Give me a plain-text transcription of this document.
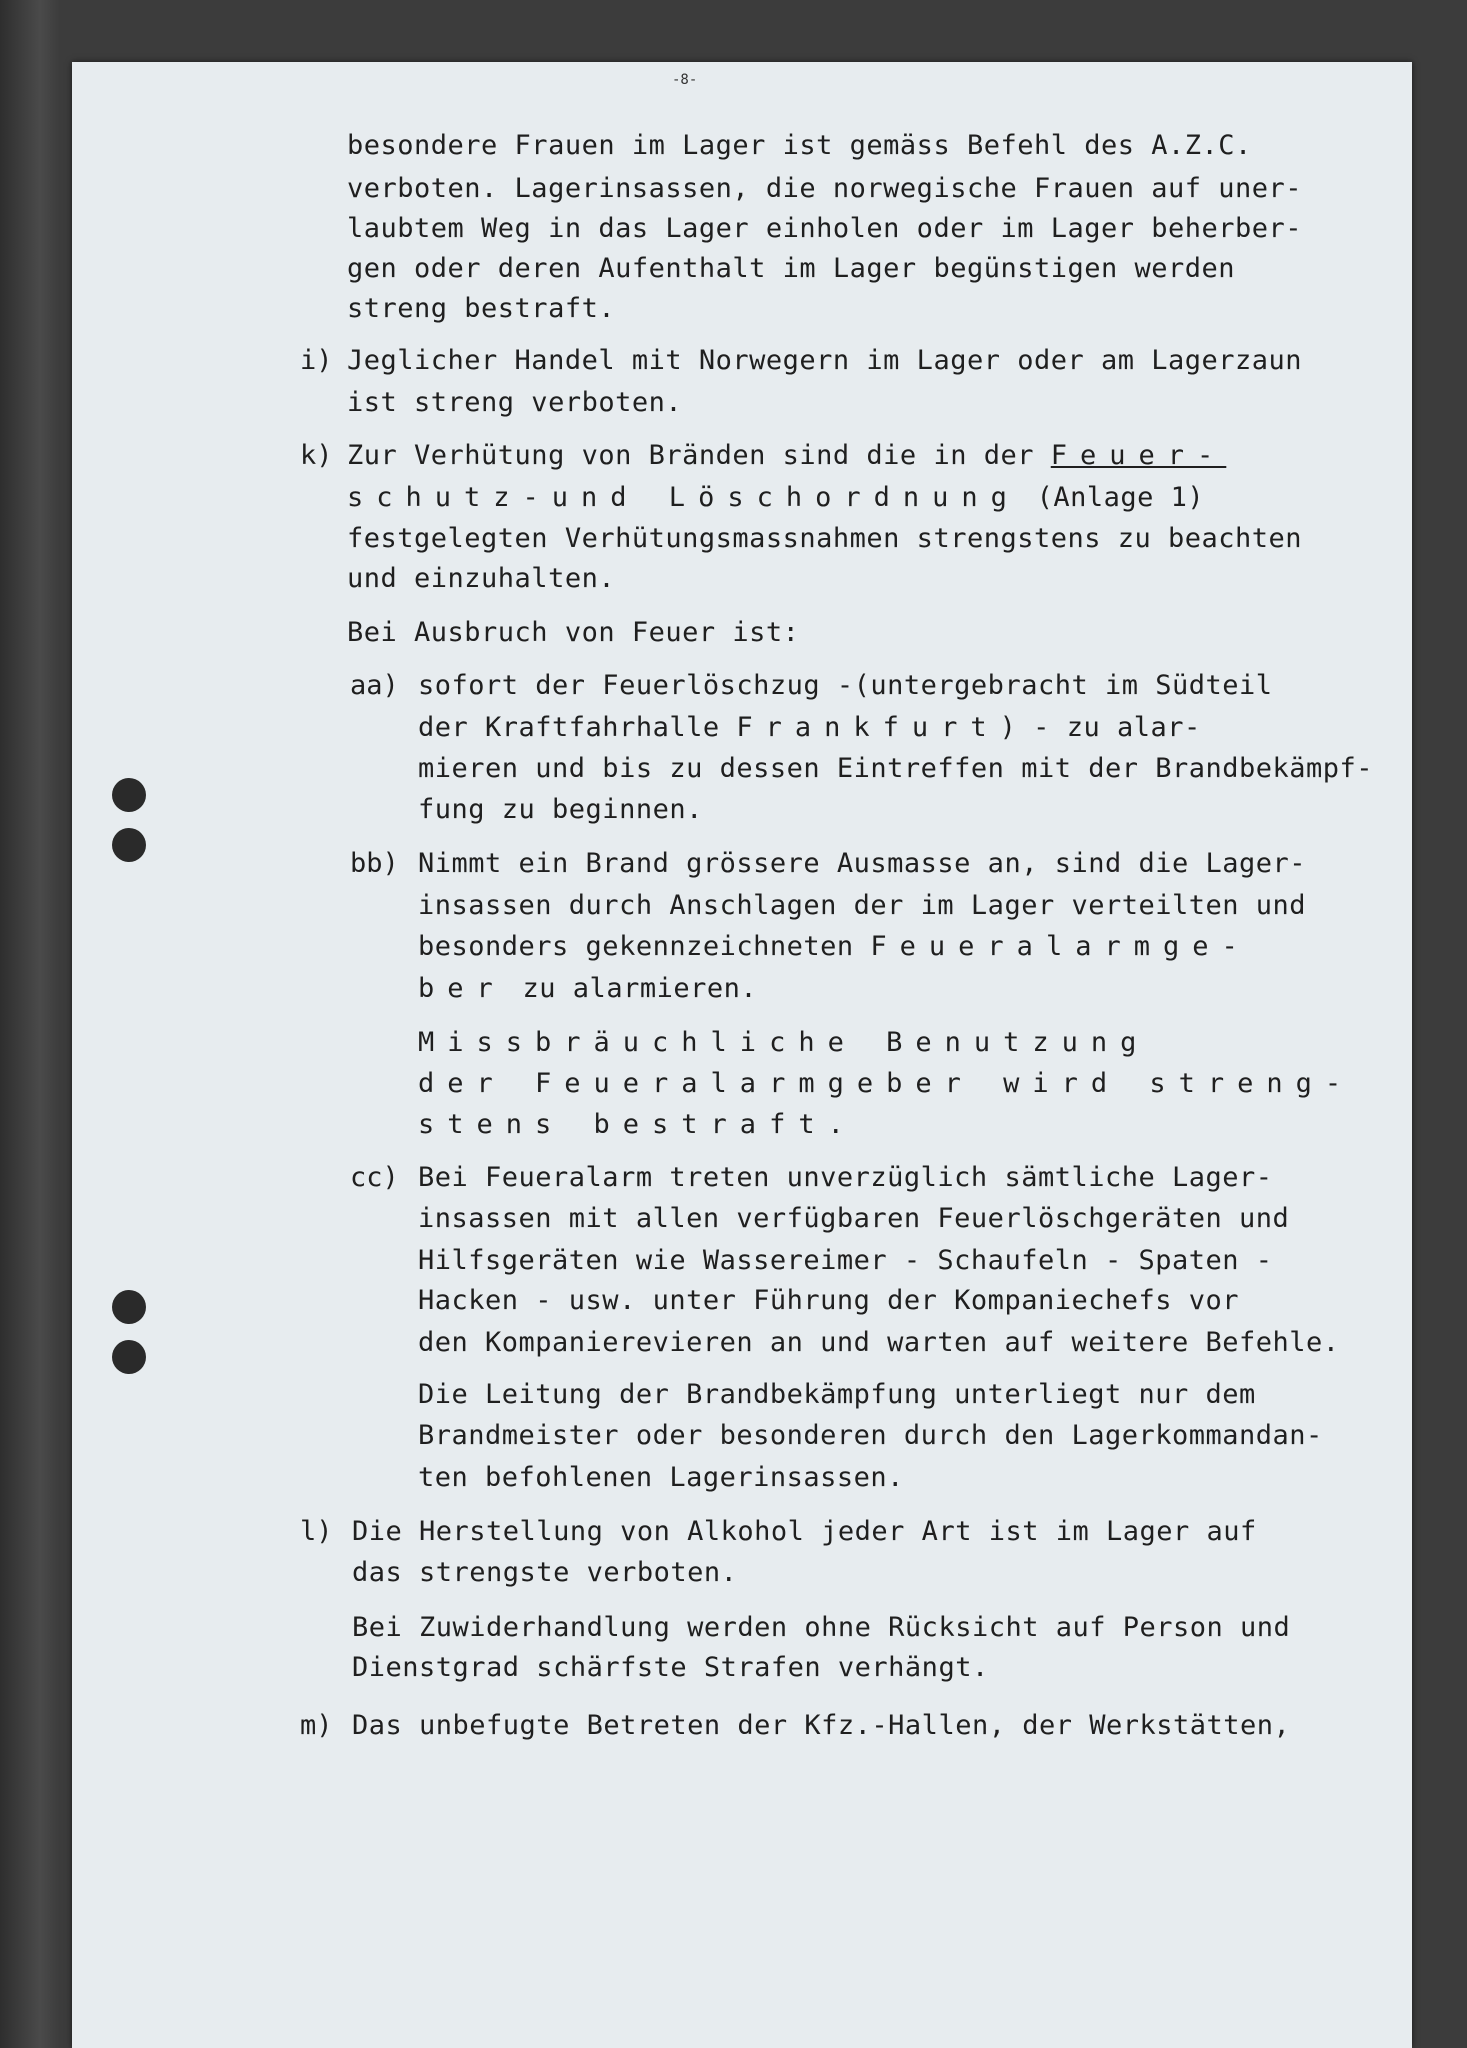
-8-
besondere Frauen im Lager ist gemäss Befehl des A.Z.C.
verboten. Lagerinsassen, die norwegische Frauen auf uner-
laubtem Weg in das Lager einholen oder im Lager beherber-
gen oder deren Aufenthalt im Lager begünstigen werden
streng bestraft.
i) Jeglicher Handel mit Norwegern im Lager oder am Lagerzaun
ist streng verboten.
k) Zur Verhütung von Bränden sind die in der Feuer-
schutz-und Löschordnung (Anlage 1)
festgelegten Verhütungsmassnahmen strengstens zu beachten
und einzuhalten.
Bei Ausbruch von Feuer ist:
aa) sofort der Feuerlöschzug -(untergebracht im Südteil
der Kraftfahrhalle Frankfurt) - zu alar-
mieren und bis zu dessen Eintreffen mit der Brandbekämpf-
fung zu beginnen.
bb) Nimmt ein Brand grössere Ausmasse an, sind die Lager-
insassen durch Anschlagen der im Lager verteilten und
besonders gekennzeichneten Feueralarmge-
ber zu alarmieren.
Missbräuchliche Benutzung
der Feueralarmgeber wird streng-
stens bestraft.
cc) Bei Feueralarm treten unverzüglich sämtliche Lager-
insassen mit allen verfügbaren Feuerlöschgeräten und
Hilfsgeräten wie Wassereimer - Schaufeln - Spaten -
Hacken - usw. unter Führung der Kompaniechefs vor
den Kompanierevieren an und warten auf weitere Befehle.
Die Leitung der Brandbekämpfung unterliegt nur dem
Brandmeister oder besonderen durch den Lagerkommandan-
ten befohlenen Lagerinsassen.
l) Die Herstellung von Alkohol jeder Art ist im Lager auf
das strengste verboten.
Bei Zuwiderhandlung werden ohne Rücksicht auf Person und
Dienstgrad schärfste Strafen verhängt.
m) Das unbefugte Betreten der Kfz.-Hallen, der Werkstätten,
